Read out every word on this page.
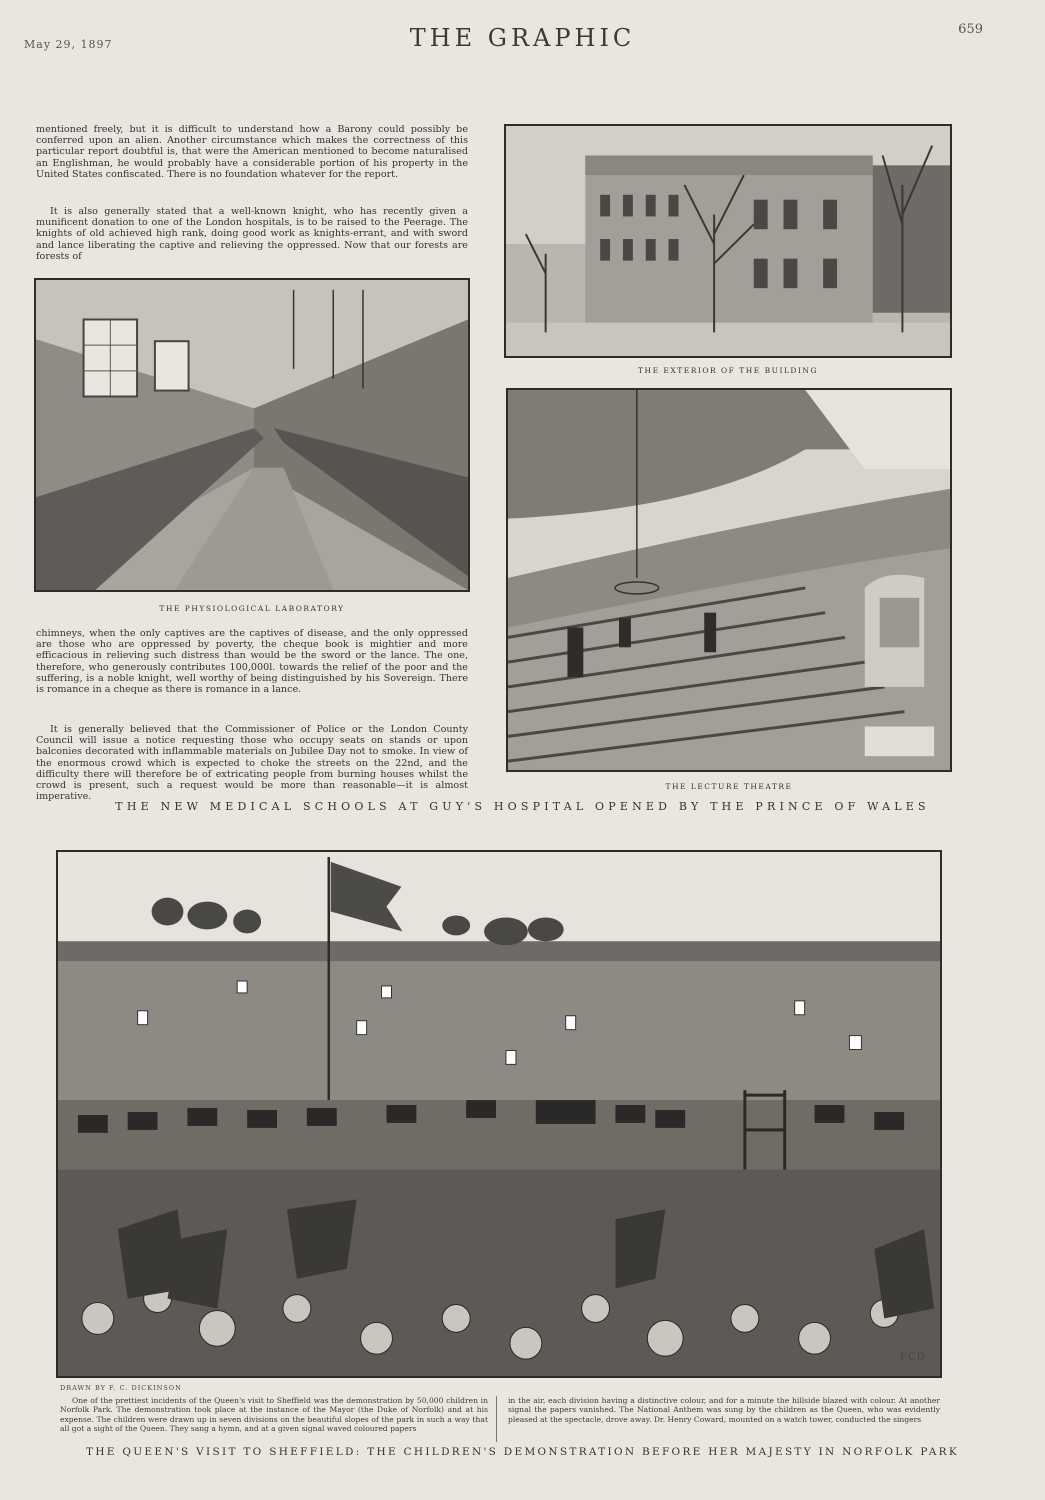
May 29, 1897	THE GRAPHIC	659
mentioned freely, but it is difficult to understand how a Barony could possibly be conferred upon an alien. Another circumstance which makes the correctness of this particular report doubtful is, that were the American mentioned to become naturalised an Englishman, he would probably have a considerable portion of his property in the United States confiscated. There is no foundation whatever for the report.
It is also generally stated that a well-known knight, who has recently given a munificent donation to one of the London hospitals, is to be raised to the Peerage. The knights of old achieved high rank, doing good work as knights-errant, and with sword and lance liberating the captive and relieving the oppressed. Now that our forests are forests of
THE EXTERIOR OF THE BUILDING
THE PHYSIOLOGICAL LABORATORY
chimneys, when the only captives are the captives of disease, and the only oppressed are those who are oppressed by poverty, the cheque book is mightier and more efficacious in relieving such distress than would be the sword or the lance. The one, therefore, who generously contributes 100,000l. towards the relief of the poor and the suffering, is a noble knight, well worthy of being distinguished by his Sovereign. There is romance in a cheque as there is romance in a lance.
It is generally believed that the Commissioner of Police or the London County Council will issue a notice requesting those who occupy seats on stands or upon balconies decorated with inflammable materials on Jubilee Day not to smoke. In view of the enormous crowd which is expected to choke the streets on the 22nd, and the difficulty there will therefore be of extricating people from burning houses whilst the crowd is present, such a request would be more than reasonable—it is almost imperative.
THE LECTURE THEATRE
THE NEW MEDICAL SCHOOLS AT GUY'S HOSPITAL OPENED BY THE PRINCE OF WALES
DRAWN BY F. C. DICKINSON
FCD
One of the prettiest incidents of the Queen's visit to Sheffield was the demonstration by 50,000 children in Norfolk Park. The demonstration took place at the instance of the Mayor (the Duke of Norfolk) and at his expense. The children were drawn up in seven divisions on the beautiful slopes of the park in such a way that all got a sight of the Queen. They sang a hymn, and at a given signal waved coloured papers
in the air, each division having a distinctive colour, and for a minute the hillside blazed with colour. At another signal the papers vanished. The National Anthem was sung by the children as the Queen, who was evidently pleased at the spectacle, drove away. Dr. Henry Coward, mounted on a watch tower, conducted the singers
THE QUEEN'S VISIT TO SHEFFIELD: THE CHILDREN'S DEMONSTRATION BEFORE HER MAJESTY IN NORFOLK PARK
